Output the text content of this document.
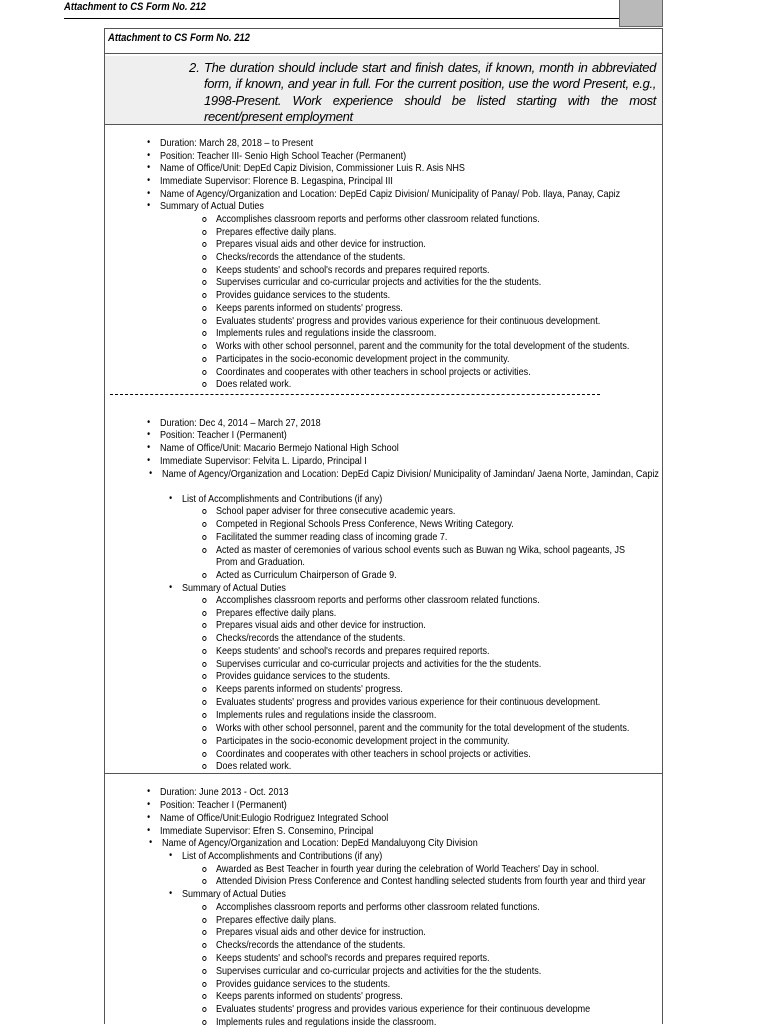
Attachment to CS Form No. 212
Attachment to CS Form No. 212
2. The duration should include start and finish dates, if known, month in abbreviated form, if known, and year in full. For the current position, use the word Present, e.g., 1998-Present. Work experience should be listed starting with the most recent/present employment
• Duration: March 28, 2018 – to Present
• Position: Teacher III- Senio High School Teacher (Permanent)
• Name of Office/Unit: DepEd Capiz Division, Commissioner Luis R. Asis NHS
• Immediate Supervisor: Florence B. Legaspina, Principal III
• Name of Agency/Organization and Location: DepEd Capiz Division/ Municipality of Panay/ Pob. Ilaya, Panay, Capiz
• Summary of Actual Duties
Accomplishes classroom reports and performs other classroom related functions.
Prepares effective daily plans.
Prepares visual aids and other device for instruction.
Checks/records the attendance of the students.
Keeps students' and school's records and prepares required reports.
Supervises curricular and co-curricular projects and activities for the the students.
Provides guidance services to the students.
Keeps parents informed on students' progress.
Evaluates students' progress and provides various experience for their continuous development.
Implements rules and regulations inside the classroom.
Works with other school personnel, parent and the community for the total development of the students.
Participates in the socio-economic development project in the community.
Coordinates and cooperates with other teachers in school projects or activities.
Does related work.
• Duration: Dec 4, 2014 – March 27, 2018
• Position: Teacher I (Permanent)
• Name of Office/Unit: Macario Bermejo National High School
• Immediate Supervisor: Felvita L. Lipardo, Principal I
• Name of Agency/Organization and Location: DepEd Capiz Division/ Municipality of Jamindan/ Jaena Norte, Jamindan, Capiz
• List of Accomplishments and Contributions (if any)
School paper adviser for three consecutive academic years.
Competed in Regional Schools Press Conference, News Writing Category.
Facilitated the summer reading class of incoming grade 7.
Acted as master of ceremonies of various school events such as Buwan ng Wika, school pageants, JS Prom and Graduation.
Acted as Curriculum Chairperson of Grade 9.
• Summary of Actual Duties
Accomplishes classroom reports and performs other classroom related functions.
Prepares effective daily plans.
Prepares visual aids and other device for instruction.
Checks/records the attendance of the students.
Keeps students' and school's records and prepares required reports.
Supervises curricular and co-curricular projects and activities for the the students.
Provides guidance services to the students.
Keeps parents informed on students' progress.
Evaluates students' progress and provides various experience for their continuous development.
Implements rules and regulations inside the classroom.
Works with other school personnel, parent and the community for the total development of the students.
Participates in the socio-economic development project in the community.
Coordinates and cooperates with other teachers in school projects or activities.
Does related work.
• Duration: June 2013 - Oct. 2013
• Position: Teacher I (Permanent)
• Name of Office/Unit:Eulogio Rodriguez Integrated School
• Immediate Supervisor: Efren S. Consemino, Principal
• Name of Agency/Organization and Location: DepEd Mandaluyong City Division
• List of Accomplishments and Contributions (if any)
Awarded as Best Teacher in fourth year during the celebration of World Teachers' Day in school.
Attended Division Press Conference and Contest handling selected students from fourth year and third year
• Summary of Actual Duties
Accomplishes classroom reports and performs other classroom related functions.
Prepares effective daily plans.
Prepares visual aids and other device for instruction.
Checks/records the attendance of the students.
Keeps students' and school's records and prepares required reports.
Supervises curricular and co-curricular projects and activities for the the students.
Provides guidance services to the students.
Keeps parents informed on students' progress.
Evaluates students' progress and provides various experience for their continuous developme
Implements rules and regulations inside the classroom.
